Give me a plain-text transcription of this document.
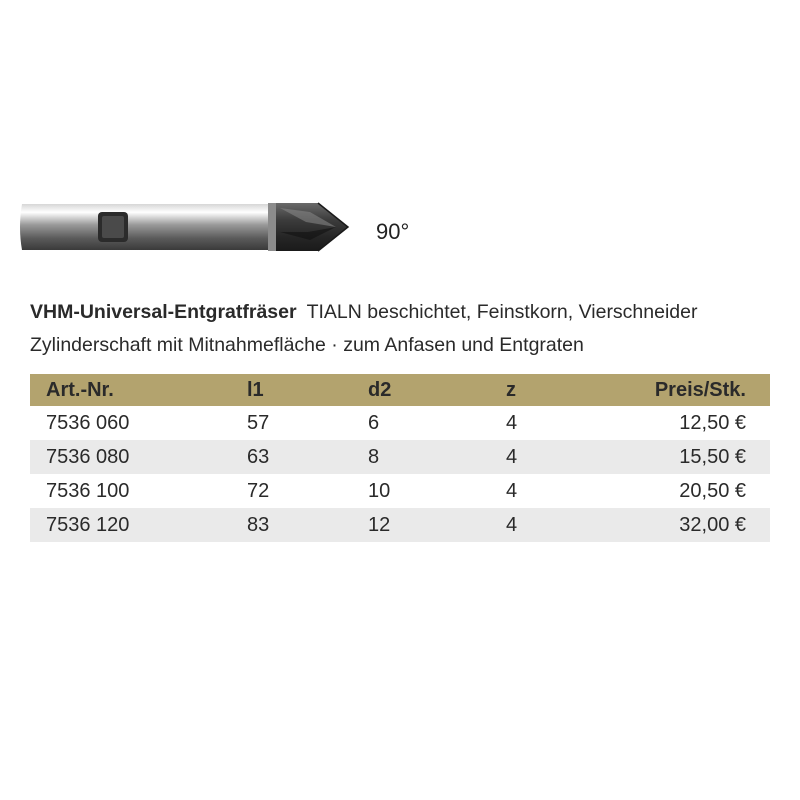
90°
VHM-Universal-Entgratfräser TIALN beschichtet, Feinstkorn, Vierschneider
Zylinderschaft mit Mitnahmefläche · zum Anfasen und Entgraten
Art.-Nr.	l1	d2	z	Preis/Stk.
7536 060	57	6	4	12,50 €
7536 080	63	8	4	15,50 €
7536 100	72	10	4	20,50 €
7536 120	83	12	4	32,00 €
